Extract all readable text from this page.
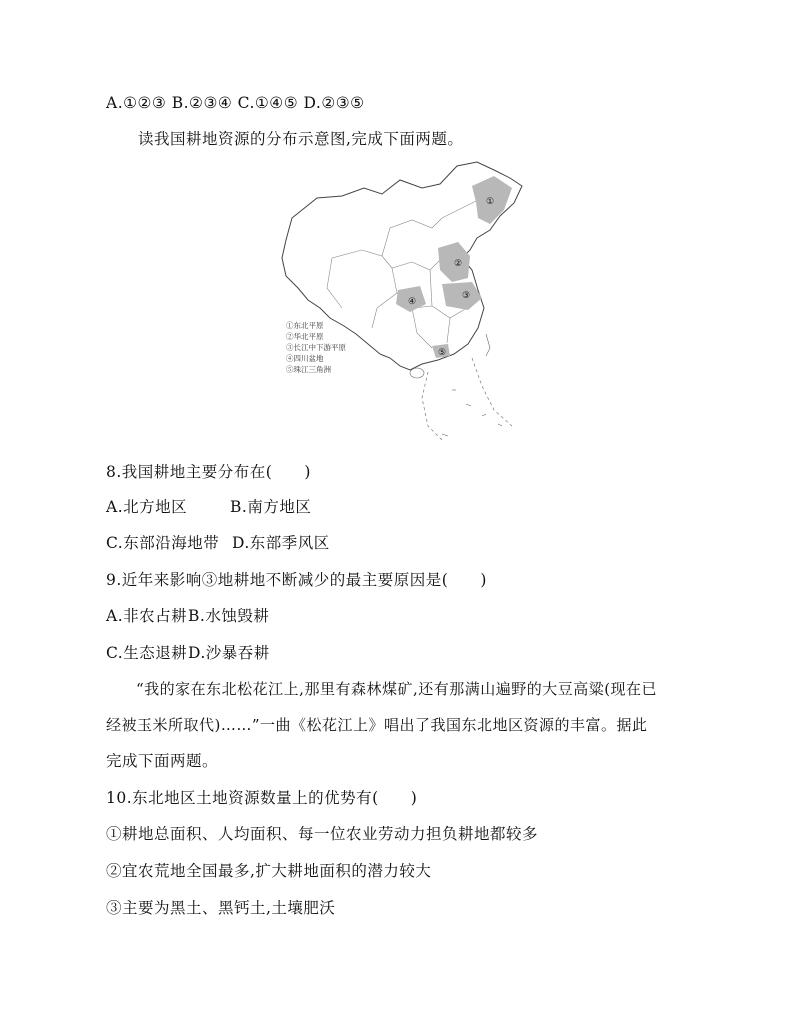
A.①②③ B.②③④ C.①④⑤ D.②③⑤
读我国耕地资源的分布示意图,完成下面两题。
①
②
③
④
⑤
①东北平原
②华北平原
③长江中下游平原
④四川盆地
⑤珠江三角洲
8.我国耕地主要分布在(　　)
A.北方地区	B.南方地区
C.东部沿海地带 D.东部季风区
9.近年来影响③地耕地不断减少的最主要原因是(　　)
A.非农占耕 B.水蚀毁耕
C.生态退耕 D.沙暴吞耕
“我的家在东北松花江上,那里有森林煤矿,还有那满山遍野的大豆高粱(现在已
经被玉米所取代)……”一曲《松花江上》唱出了我国东北地区资源的丰富。据此
完成下面两题。
10.东北地区土地资源数量上的优势有(　　)
①耕地总面积、人均面积、每一位农业劳动力担负耕地都较多
②宜农荒地全国最多,扩大耕地面积的潜力较大
③主要为黑土、黑钙土,土壤肥沃
